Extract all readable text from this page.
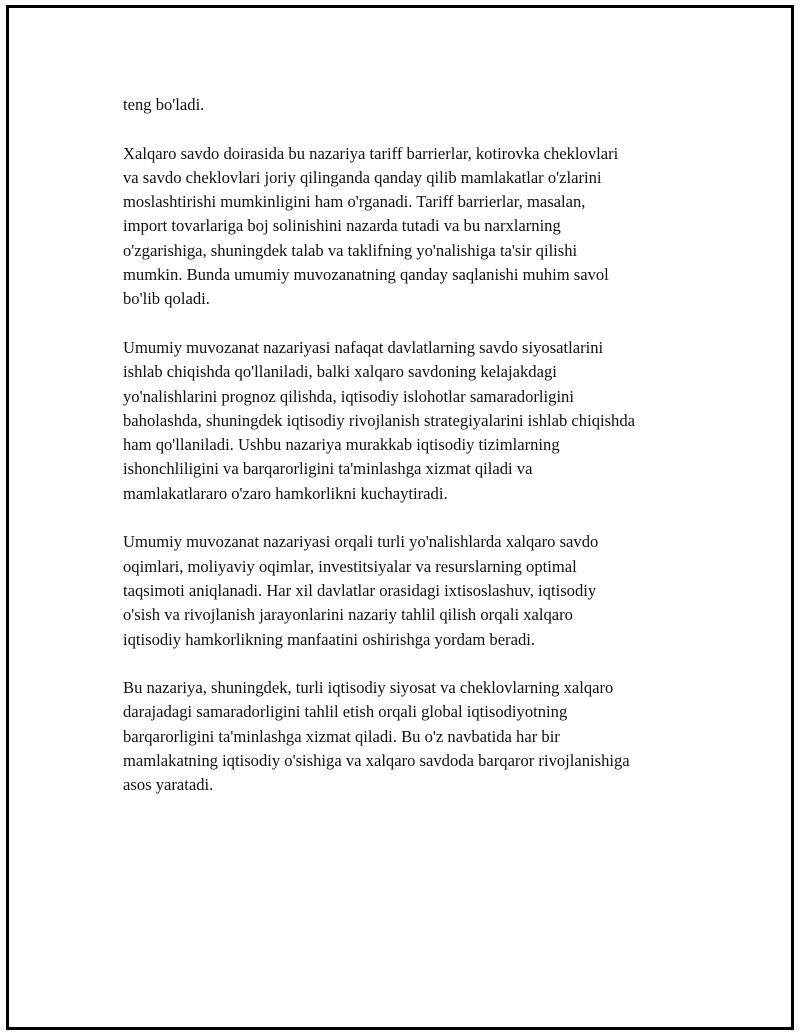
teng bo'ladi.

Xalqaro savdo doirasida bu nazariya tariff barrierlar, kotirovka cheklovlari
va savdo cheklovlari joriy qilinganda qanday qilib mamlakatlar o'zlarini
moslashtirishi mumkinligini ham o'rganadi. Tariff barrierlar, masalan,
import tovarlariga boj solinishini nazarda tutadi va bu narxlarning
o'zgarishiga, shuningdek talab va taklifning yo'nalishiga ta'sir qilishi
mumkin. Bunda umumiy muvozanatning qanday saqlanishi muhim savol
bo'lib qoladi.

Umumiy muvozanat nazariyasi nafaqat davlatlarning savdo siyosatlarini
ishlab chiqishda qo'llaniladi, balki xalqaro savdoning kelajakdagi
yo'nalishlarini prognoz qilishda, iqtisodiy islohotlar samaradorligini
baholashda, shuningdek iqtisodiy rivojlanish strategiyalarini ishlab chiqishda
ham qo'llaniladi. Ushbu nazariya murakkab iqtisodiy tizimlarning
ishonchliligini va barqarorligini ta'minlashga xizmat qiladi va
mamlakatlararo o'zaro hamkorlikni kuchaytiradi.

Umumiy muvozanat nazariyasi orqali turli yo'nalishlarda xalqaro savdo
oqimlari, moliyaviy oqimlar, investitsiyalar va resurslarning optimal
taqsimoti aniqlanadi. Har xil davlatlar orasidagi ixtisoslashuv, iqtisodiy
o'sish va rivojlanish jarayonlarini nazariy tahlil qilish orqali xalqaro
iqtisodiy hamkorlikning manfaatini oshirishga yordam beradi.

Bu nazariya, shuningdek, turli iqtisodiy siyosat va cheklovlarning xalqaro
darajadagi samaradorligini tahlil etish orqali global iqtisodiyotning
barqarorligini ta'minlashga xizmat qiladi. Bu o'z navbatida har bir
mamlakatning iqtisodiy o'sishiga va xalqaro savdoda barqaror rivojlanishiga
asos yaratadi.
